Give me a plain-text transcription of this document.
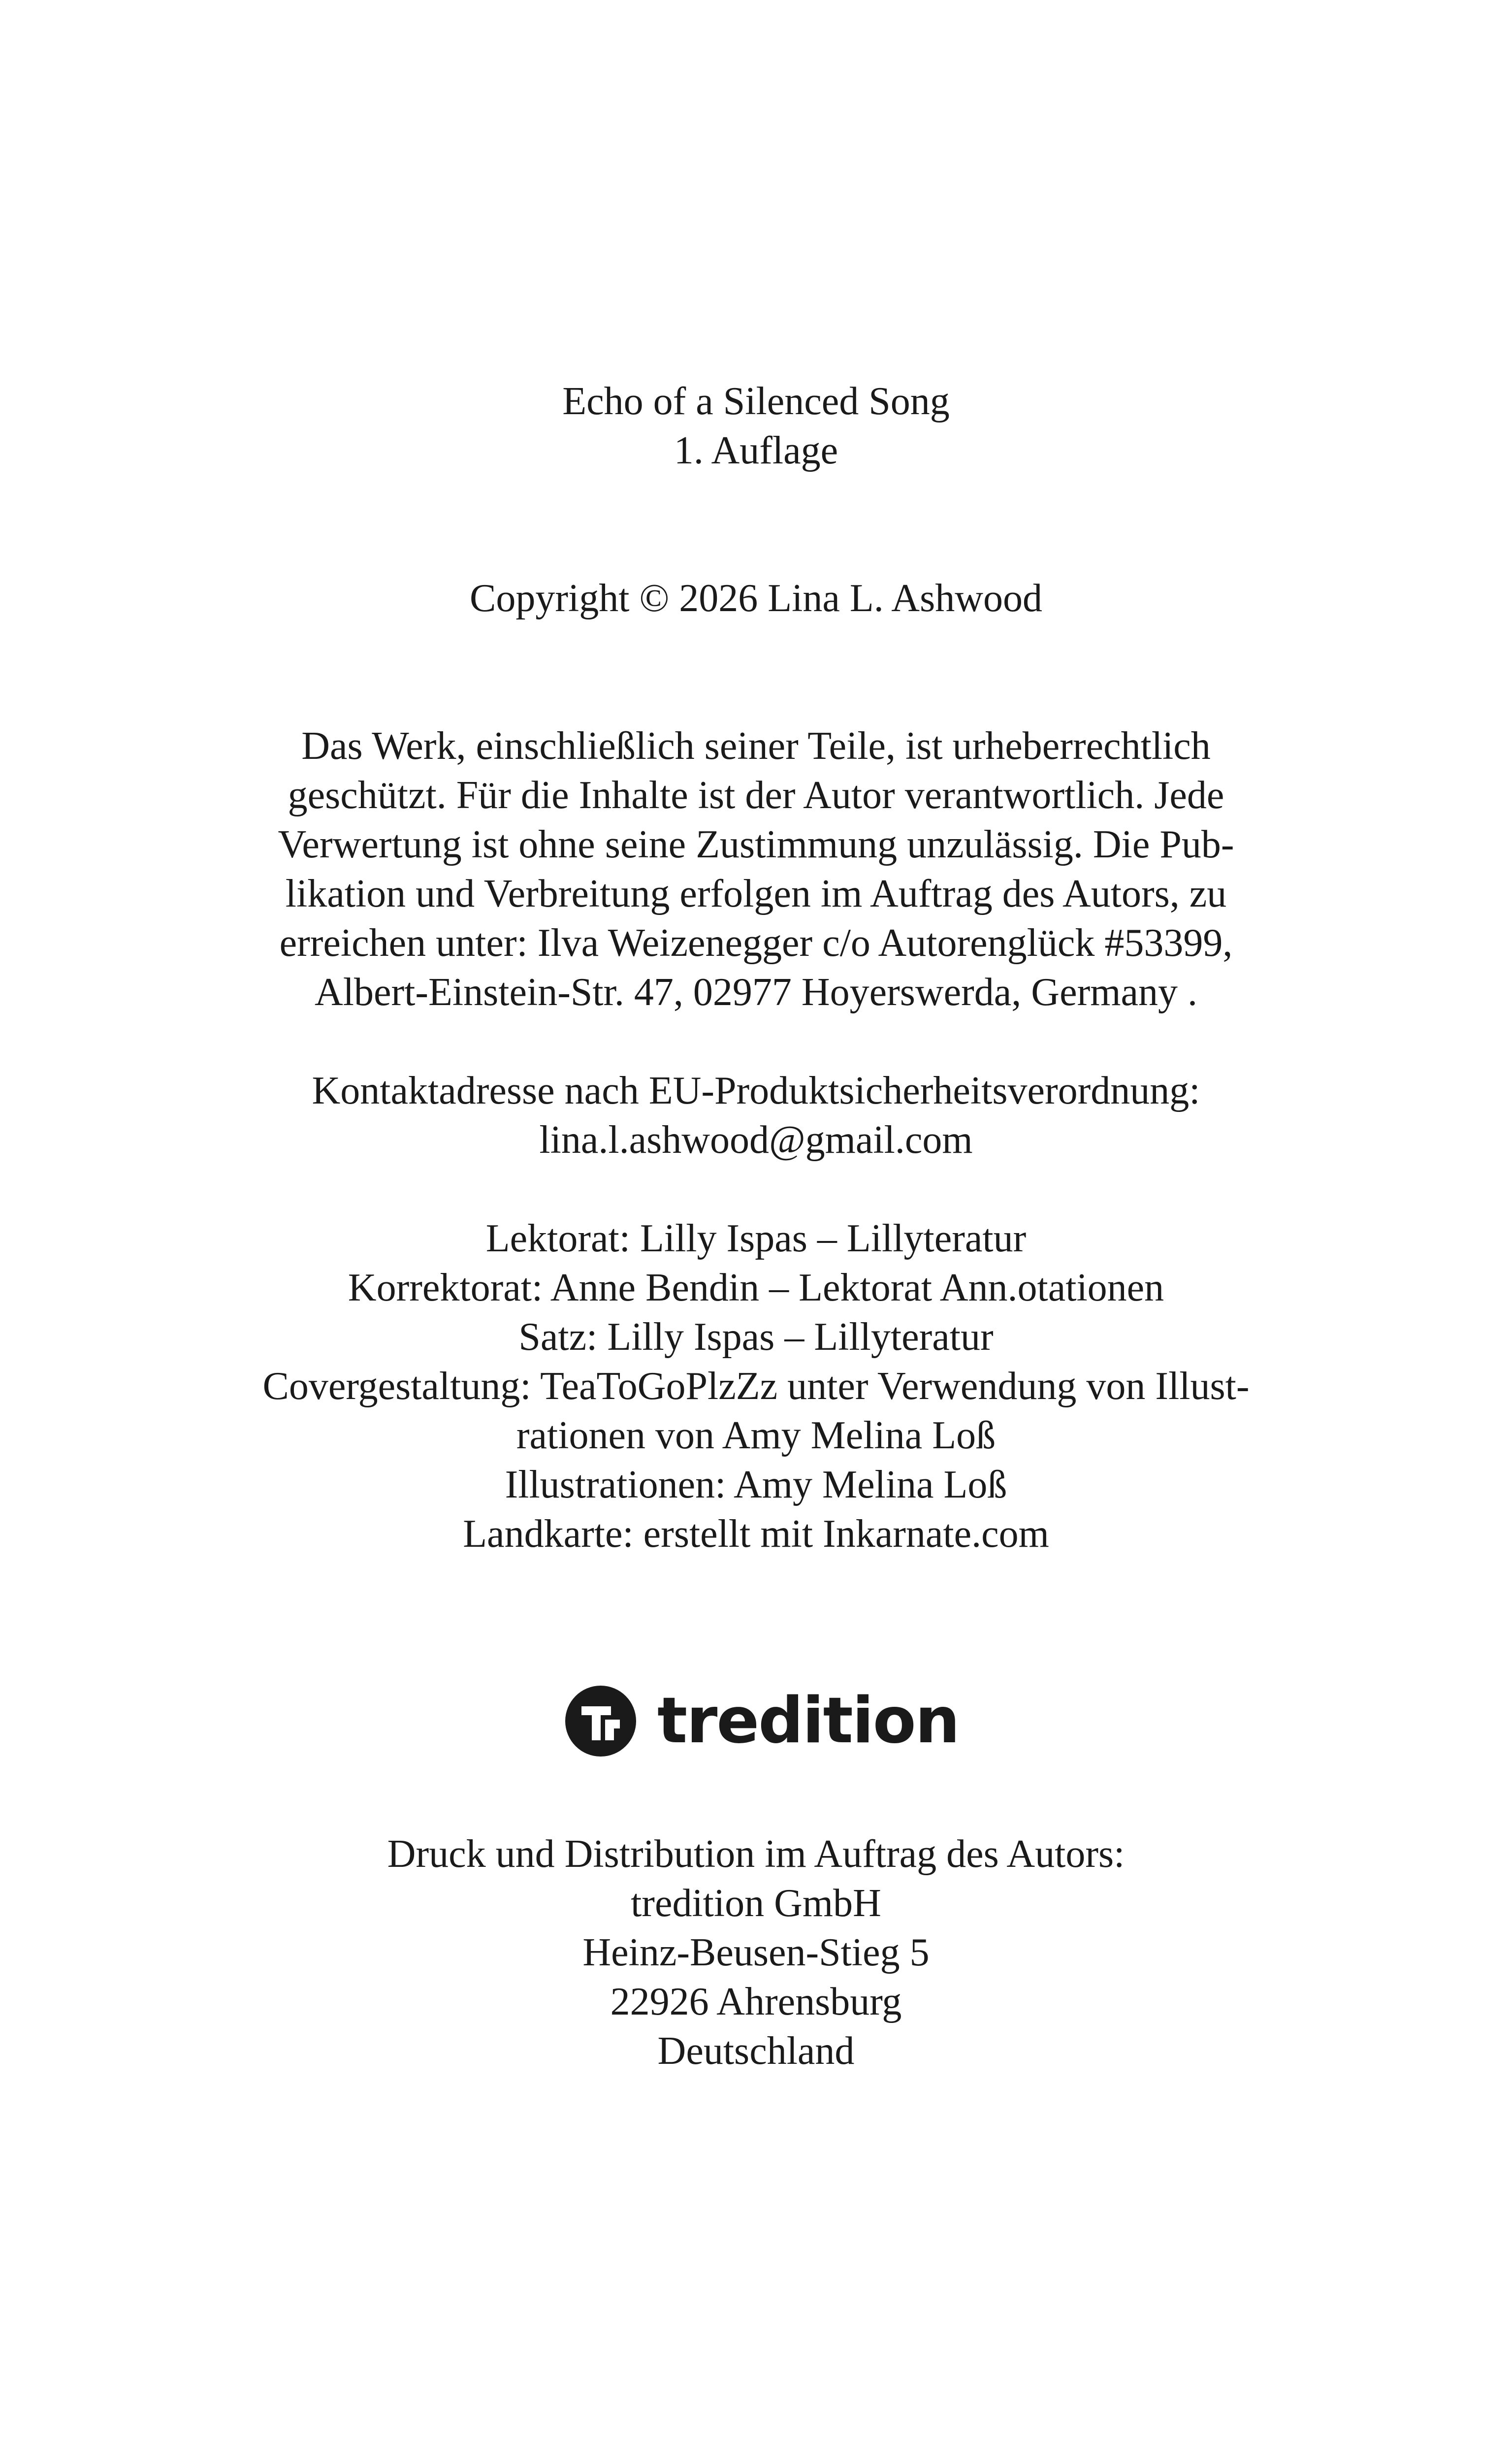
Echo of a Silenced Song
1. Auflage
Copyright © 2026 Lina L. Ashwood
Das Werk, einschließlich seiner Teile, ist urheberrechtlich
geschützt. Für die Inhalte ist der Autor verantwortlich. Jede
Verwertung ist ohne seine Zustimmung unzulässig. Die Pub-
likation und Verbreitung erfolgen im Auftrag des Autors, zu
erreichen unter: Ilva Weizenegger c/o Autorenglück #53399,
Albert-Einstein-Str. 47, 02977 Hoyerswerda, Germany .
Kontaktadresse nach EU-Produktsicherheitsverordnung:
lina.l.ashwood@gmail.com
Lektorat: Lilly Ispas – Lillyteratur
Korrektorat: Anne Bendin – Lektorat Ann.otationen
Satz: Lilly Ispas – Lillyteratur
Covergestaltung: TeaToGoPlzZz unter Verwendung von Illust-
rationen von Amy Melina Loß
Illustrationen: Amy Melina Loß
Landkarte: erstellt mit Inkarnate.com
tredition
Druck und Distribution im Auftrag des Autors:
tredition GmbH
Heinz-Beusen-Stieg 5
22926 Ahrensburg
Deutschland
